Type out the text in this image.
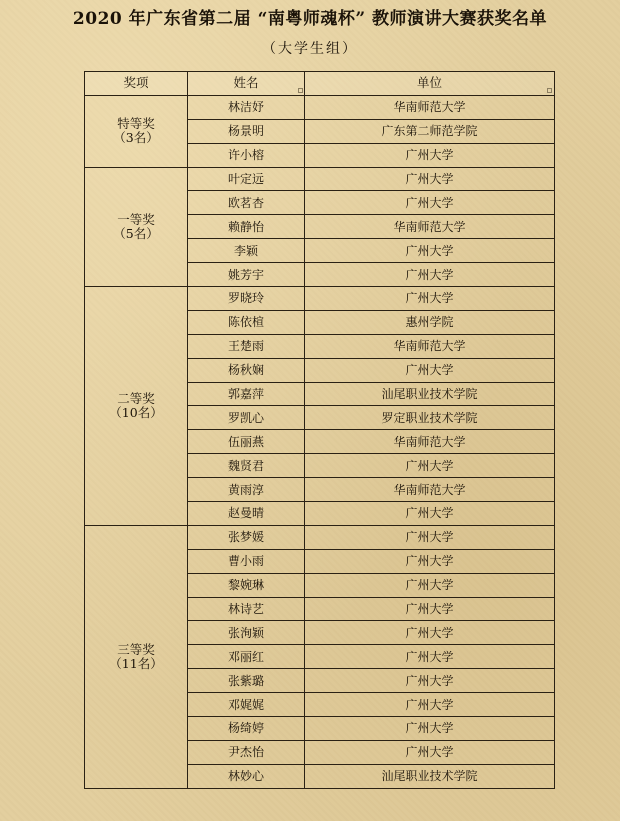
2020 年广东省第二届 “南粤师魂杯” 教师演讲大赛获奖名单
（大学生组）
奖项	姓名	单位

特等奖
（3名）	林洁妤	华南师范大学
	杨景明	广东第二师范学院
	许小榕	广州大学

一等奖
（5名）	叶定远	广州大学
	欧茗杏	广州大学
	赖静怡	华南师范大学
	李颖	广州大学
	姚芳宇	广州大学

二等奖
（10名）	罗晓玲	广州大学
	陈依楦	惠州学院
	王楚雨	华南师范大学
	杨秋娴	广州大学
	郭嘉萍	汕尾职业技术学院
	罗凯心	罗定职业技术学院
	伍丽燕	华南师范大学
	魏贤君	广州大学
	黄雨淳	华南师范大学
	赵曼晴	广州大学

三等奖
（11名）	张梦媛	广州大学
	曹小雨	广州大学
	黎婉琳	广州大学
	林诗艺	广州大学
	张洵颖	广州大学
	邓丽红	广州大学
	张紫璐	广州大学
	邓娓娓	广州大学
	杨绮婷	广州大学
	尹杰怡	广州大学
	林妙心	汕尾职业技术学院
